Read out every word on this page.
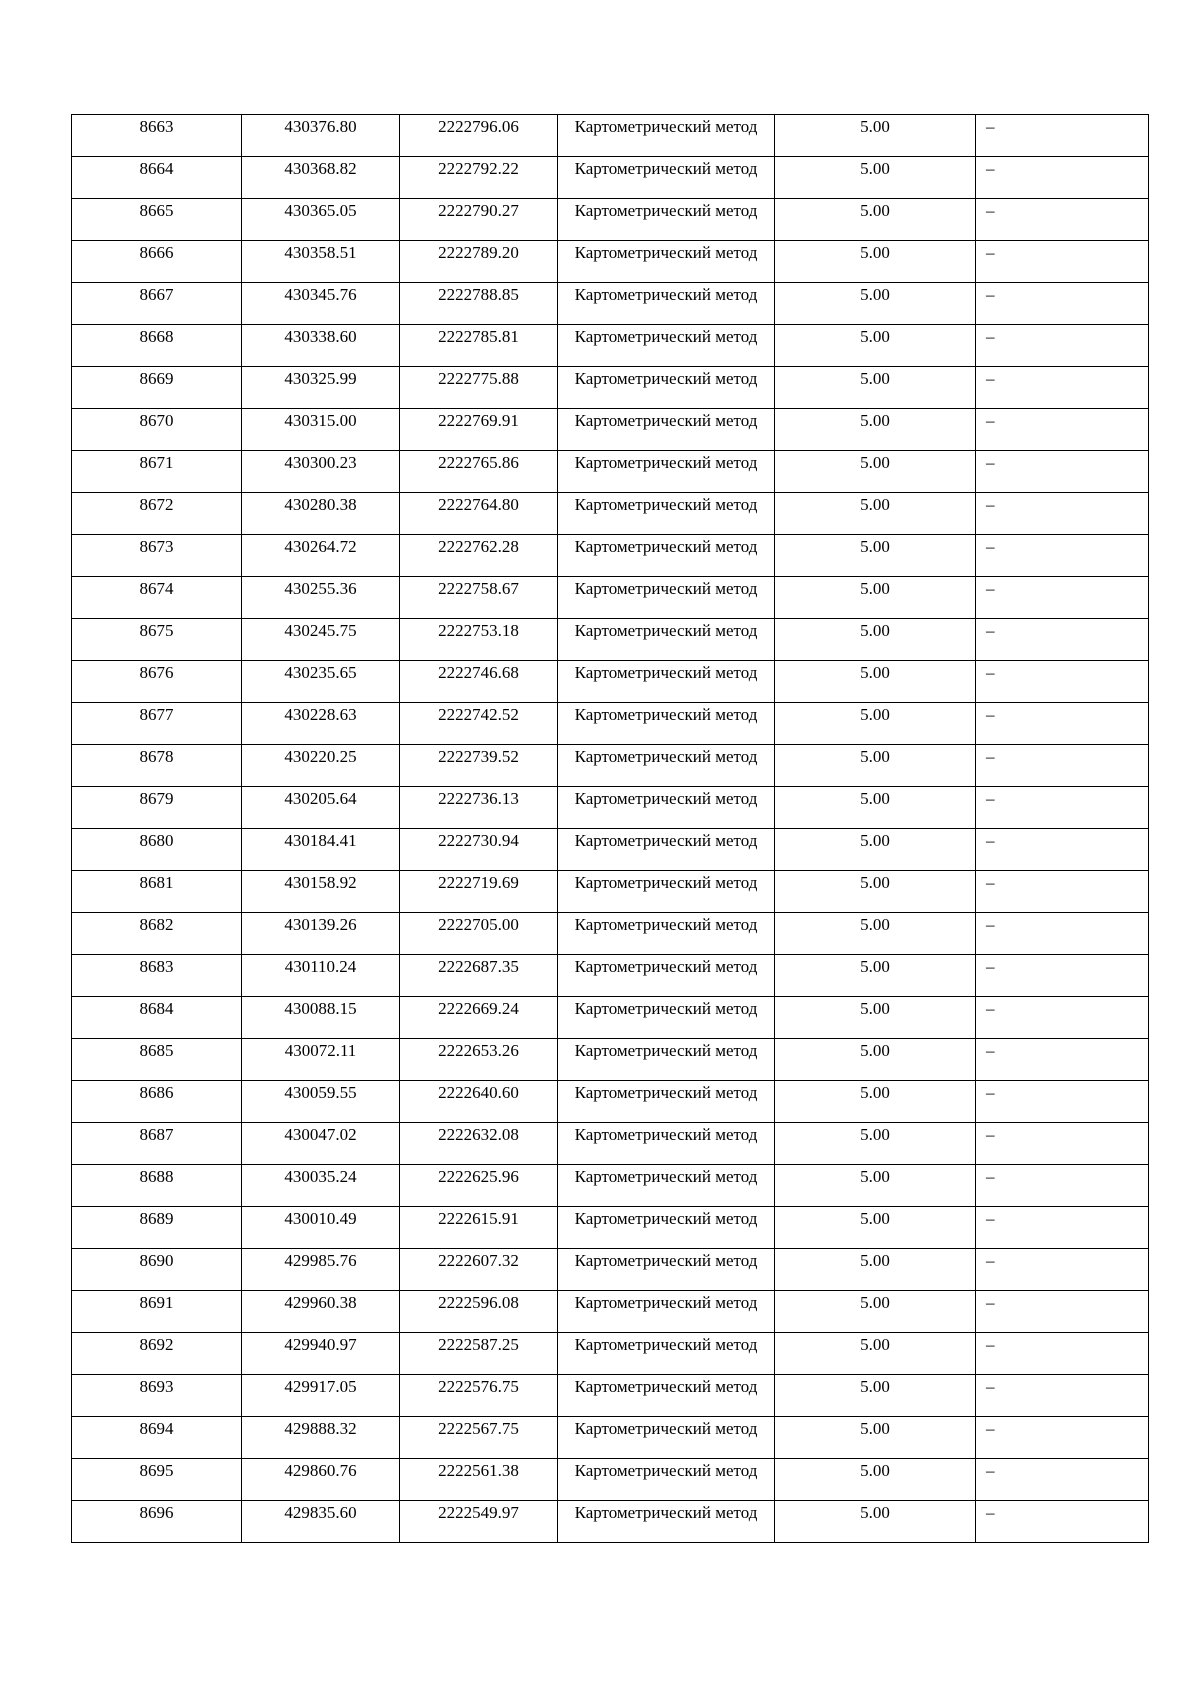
8663	430376.80	2222796.06	Картометрический метод	5.00	–
8664	430368.82	2222792.22	Картометрический метод	5.00	–
8665	430365.05	2222790.27	Картометрический метод	5.00	–
8666	430358.51	2222789.20	Картометрический метод	5.00	–
8667	430345.76	2222788.85	Картометрический метод	5.00	–
8668	430338.60	2222785.81	Картометрический метод	5.00	–
8669	430325.99	2222775.88	Картометрический метод	5.00	–
8670	430315.00	2222769.91	Картометрический метод	5.00	–
8671	430300.23	2222765.86	Картометрический метод	5.00	–
8672	430280.38	2222764.80	Картометрический метод	5.00	–
8673	430264.72	2222762.28	Картометрический метод	5.00	–
8674	430255.36	2222758.67	Картометрический метод	5.00	–
8675	430245.75	2222753.18	Картометрический метод	5.00	–
8676	430235.65	2222746.68	Картометрический метод	5.00	–
8677	430228.63	2222742.52	Картометрический метод	5.00	–
8678	430220.25	2222739.52	Картометрический метод	5.00	–
8679	430205.64	2222736.13	Картометрический метод	5.00	–
8680	430184.41	2222730.94	Картометрический метод	5.00	–
8681	430158.92	2222719.69	Картометрический метод	5.00	–
8682	430139.26	2222705.00	Картометрический метод	5.00	–
8683	430110.24	2222687.35	Картометрический метод	5.00	–
8684	430088.15	2222669.24	Картометрический метод	5.00	–
8685	430072.11	2222653.26	Картометрический метод	5.00	–
8686	430059.55	2222640.60	Картометрический метод	5.00	–
8687	430047.02	2222632.08	Картометрический метод	5.00	–
8688	430035.24	2222625.96	Картометрический метод	5.00	–
8689	430010.49	2222615.91	Картометрический метод	5.00	–
8690	429985.76	2222607.32	Картометрический метод	5.00	–
8691	429960.38	2222596.08	Картометрический метод	5.00	–
8692	429940.97	2222587.25	Картометрический метод	5.00	–
8693	429917.05	2222576.75	Картометрический метод	5.00	–
8694	429888.32	2222567.75	Картометрический метод	5.00	–
8695	429860.76	2222561.38	Картометрический метод	5.00	–
8696	429835.60	2222549.97	Картометрический метод	5.00	–
